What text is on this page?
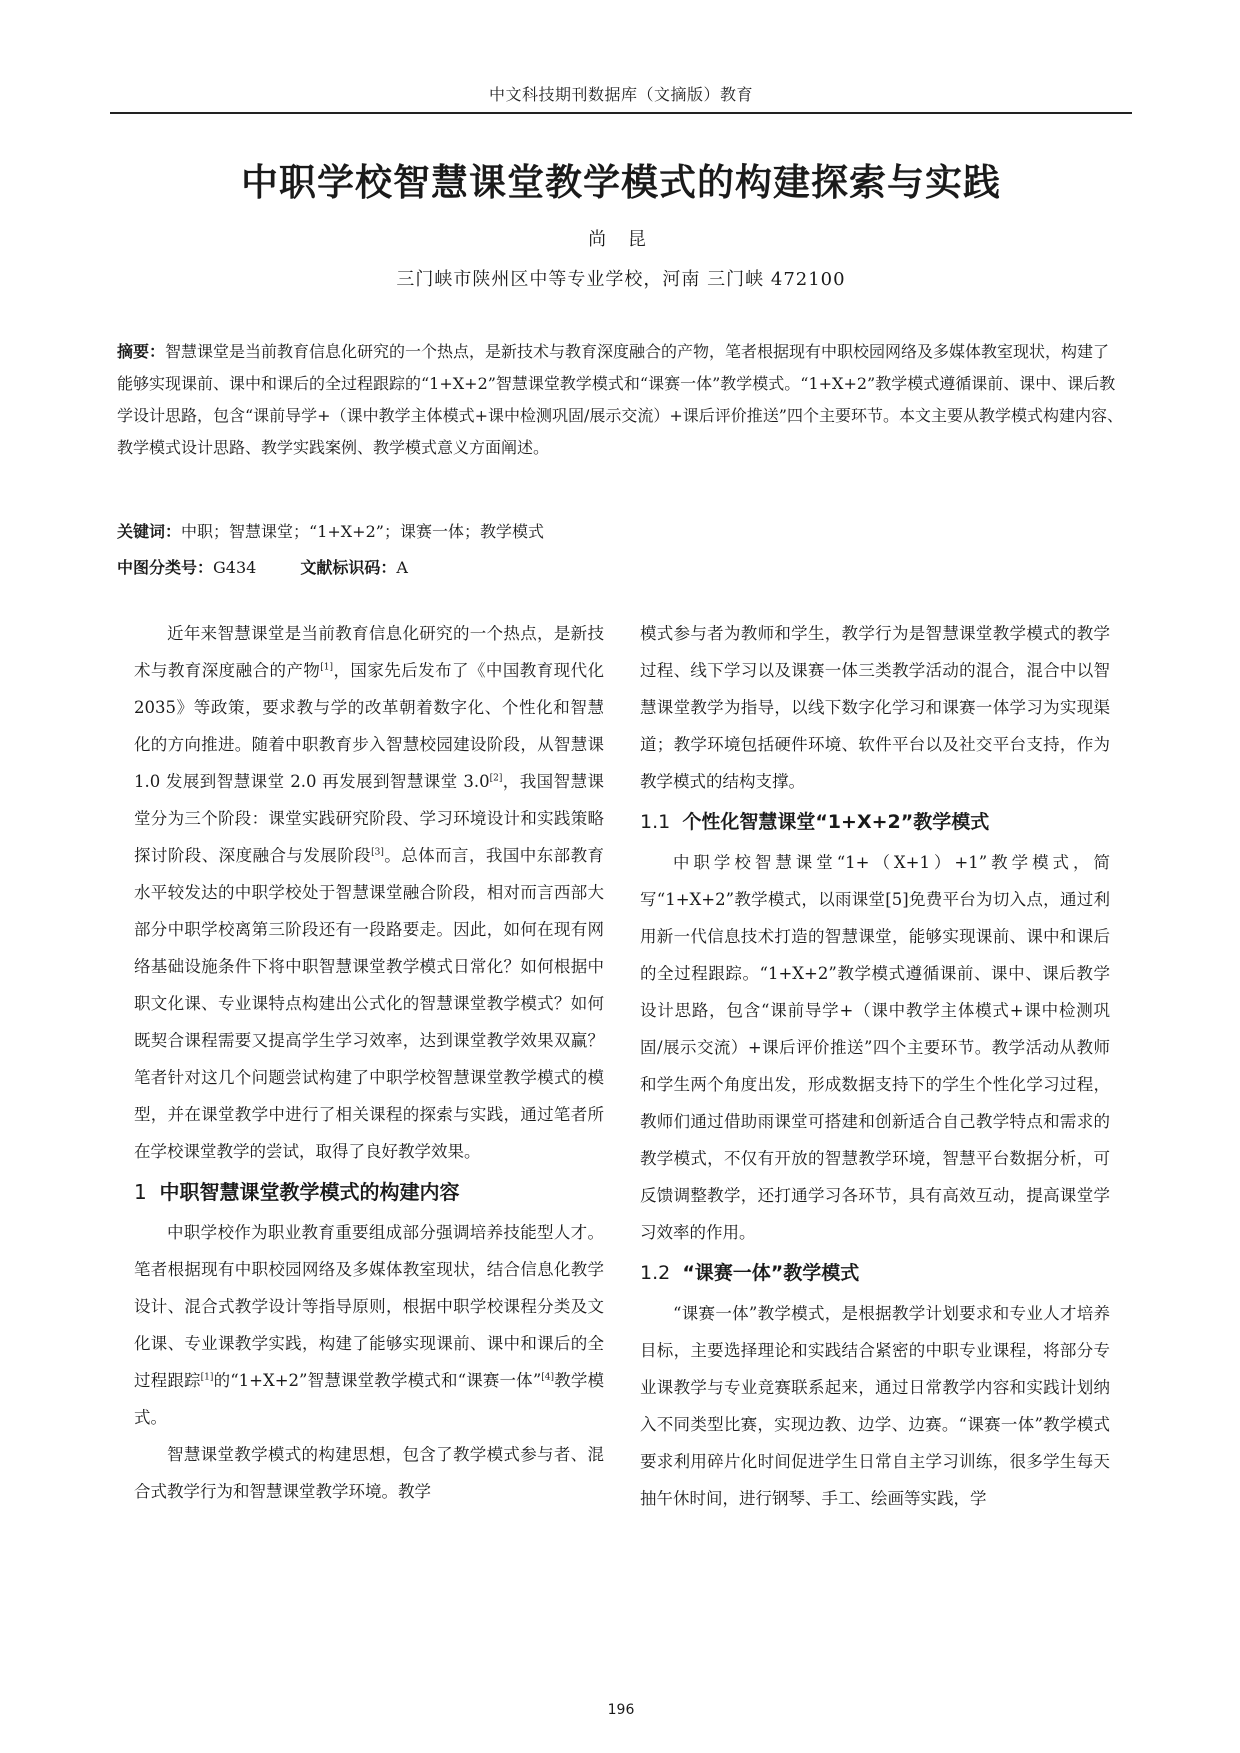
中文科技期刊数据库（文摘版）教育
中职学校智慧课堂教学模式的构建探索与实践
尚 昆
三门峡市陕州区中等专业学校，河南 三门峡 472100
摘要：智慧课堂是当前教育信息化研究的一个热点，是新技术与教育深度融合的产物，笔者根据现有中职校园网络及多媒体教室现状，构建了能够实现课前、课中和课后的全过程跟踪的“1+X+2”智慧课堂教学模式和“课赛一体”教学模式。“1+X+2”教学模式遵循课前、课中、课后教学设计思路，包含“课前导学+（课中教学主体模式+课中检测巩固/展示交流）+课后评价推送”四个主要环节。本文主要从教学模式构建内容、教学模式设计思路、教学实践案例、教学模式意义方面阐述。
关键词：中职；智慧课堂；“1+X+2”；课赛一体；教学模式
中图分类号：G434	文献标识码：A

近年来智慧课堂是当前教育信息化研究的一个热点，是新技术与教育深度融合的产物[1]，国家先后发布了《中国教育现代化 2035》等政策，要求教与学的改革朝着数字化、个性化和智慧化的方向推进。随着中职教育步入智慧校园建设阶段，从智慧课 1.0 发展到智慧课堂 2.0 再发展到智慧课堂 3.0[2]，我国智慧课堂分为三个阶段：课堂实践研究阶段、学习环境设计和实践策略探讨阶段、深度融合与发展阶段[3]。总体而言，我国中东部教育水平较发达的中职学校处于智慧课堂融合阶段，相对而言西部大部分中职学校离第三阶段还有一段路要走。因此，如何在现有网络基础设施条件下将中职智慧课堂教学模式日常化？如何根据中职文化课、专业课特点构建出公式化的智慧课堂教学模式？如何既契合课程需要又提高学生学习效率，达到课堂教学效果双赢？笔者针对这几个问题尝试构建了中职学校智慧课堂教学模式的模型，并在课堂教学中进行了相关课程的探索与实践，通过笔者所在学校课堂教学的尝试，取得了良好教学效果。

1 中职智慧课堂教学模式的构建内容

中职学校作为职业教育重要组成部分强调培养技能型人才。笔者根据现有中职校园网络及多媒体教室现状，结合信息化教学设计、混合式教学设计等指导原则，根据中职学校课程分类及文化课、专业课教学实践，构建了能够实现课前、课中和课后的全过程跟踪[1]的“1+X+2”智慧课堂教学模式和“课赛一体”[4]教学模式。

智慧课堂教学模式的构建思想，包含了教学模式参与者、混合式教学行为和智慧课堂教学环境。教学

模式参与者为教师和学生，教学行为是智慧课堂教学模式的教学过程、线下学习以及课赛一体三类教学活动的混合，混合中以智慧课堂教学为指导，以线下数字化学习和课赛一体学习为实现渠道；教学环境包括硬件环境、软件平台以及社交平台支持，作为教学模式的结构支撑。

1.1 个性化智慧课堂“1+X+2”教学模式

中职学校智慧课堂“1+（X+1）+1”教学模式，简写“1+X+2”教学模式，以雨课堂[5]免费平台为切入点，通过利用新一代信息技术打造的智慧课堂，能够实现课前、课中和课后的全过程跟踪。“1+X+2”教学模式遵循课前、课中、课后教学设计思路，包含“课前导学+（课中教学主体模式+课中检测巩固/展示交流）+课后评价推送”四个主要环节。教学活动从教师和学生两个角度出发，形成数据支持下的学生个性化学习过程，教师们通过借助雨课堂可搭建和创新适合自己教学特点和需求的教学模式，不仅有开放的智慧教学环境，智慧平台数据分析，可反馈调整教学，还打通学习各环节，具有高效互动，提高课堂学习效率的作用。

1.2 “课赛一体”教学模式

“课赛一体”教学模式，是根据教学计划要求和专业人才培养目标，主要选择理论和实践结合紧密的中职专业课程，将部分专业课教学与专业竞赛联系起来，通过日常教学内容和实践计划纳入不同类型比赛，实现边教、边学、边赛。“课赛一体”教学模式要求利用碎片化时间促进学生日常自主学习训练，很多学生每天抽午休时间，进行钢琴、手工、绘画等实践，学

196
